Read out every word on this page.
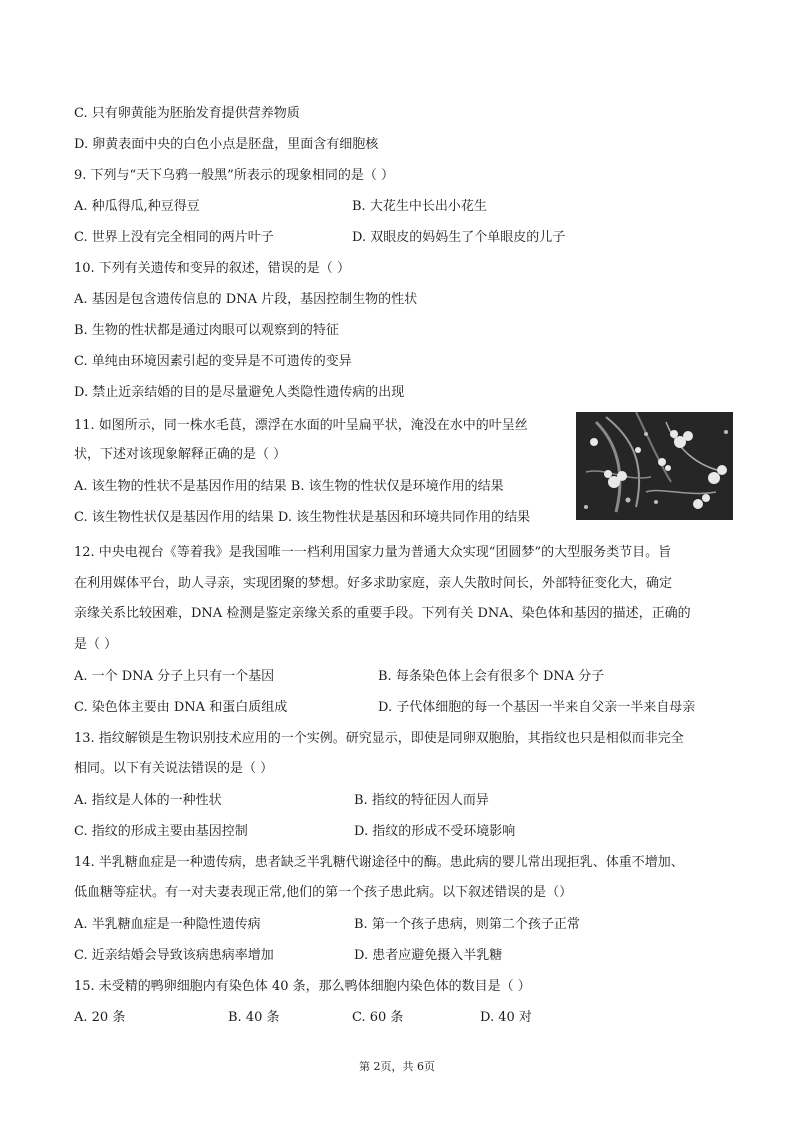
C. 只有卵黄能为胚胎发育提供营养物质
D. 卵黄表面中央的白色小点是胚盘，里面含有细胞核
9. 下列与“天下乌鸦一般黑”所表示的现象相同的是（ ）
A. 种瓜得瓜,种豆得豆	B. 大花生中长出小花生
C. 世界上没有完全相同的两片叶子	D. 双眼皮的妈妈生了个单眼皮的儿子
10. 下列有关遗传和变异的叙述，错误的是（ ）
A. 基因是包含遗传信息的 DNA 片段，基因控制生物的性状
B. 生物的性状都是通过肉眼可以观察到的特征
C. 单纯由环境因素引起的变异是不可遗传的变异
D. 禁止近亲结婚的目的是尽量避免人类隐性遗传病的出现
11. 如图所示，同一株水毛茛，漂浮在水面的叶呈扁平状，淹没在水中的叶呈丝
状，下述对该现象解释正确的是（ ）
A. 该生物的性状不是基因作用的结果 B. 该生物的性状仅是环境作用的结果
C. 该生物性状仅是基因作用的结果 D. 该生物性状是基因和环境共同作用的结果
12. 中央电视台《等着我》是我国唯一一档利用国家力量为普通大众实现“团圆梦”的大型服务类节目。旨
在利用媒体平台，助人寻亲，实现团聚的梦想。好多求助家庭，亲人失散时间长，外部特征变化大，确定
亲缘关系比较困难，DNA 检测是鉴定亲缘关系的重要手段。下列有关 DNA、染色体和基因的描述，正确的
是（ ）
A. 一个 DNA 分子上只有一个基因	B. 每条染色体上会有很多个 DNA 分子
C. 染色体主要由 DNA 和蛋白质组成	D. 子代体细胞的每一个基因一半来自父亲一半来自母亲
13. 指纹解锁是生物识别技术应用的一个实例。研究显示，即使是同卵双胞胎，其指纹也只是相似而非完全
相同。以下有关说法错误的是（ ）
A. 指纹是人体的一种性状	B. 指纹的特征因人而异
C. 指纹的形成主要由基因控制	D. 指纹的形成不受环境影响
14. 半乳糖血症是一种遗传病，患者缺乏半乳糖代谢途径中的酶。患此病的婴儿常出现拒乳、体重不增加、
低血糖等症状。有一对夫妻表现正常,他们的第一个孩子患此病。以下叙述错误的是（）
A. 半乳糖血症是一种隐性遗传病	B. 第一个孩子患病，则第二个孩子正常
C. 近亲结婚会导致该病患病率增加	D. 患者应避免摄入半乳糖
15. 未受精的鸭卵细胞内有染色体 40 条，那么鸭体细胞内染色体的数目是（ ）
A. 20 条	B. 40 条	C. 60 条	D. 40 对
第 2页，共 6页
